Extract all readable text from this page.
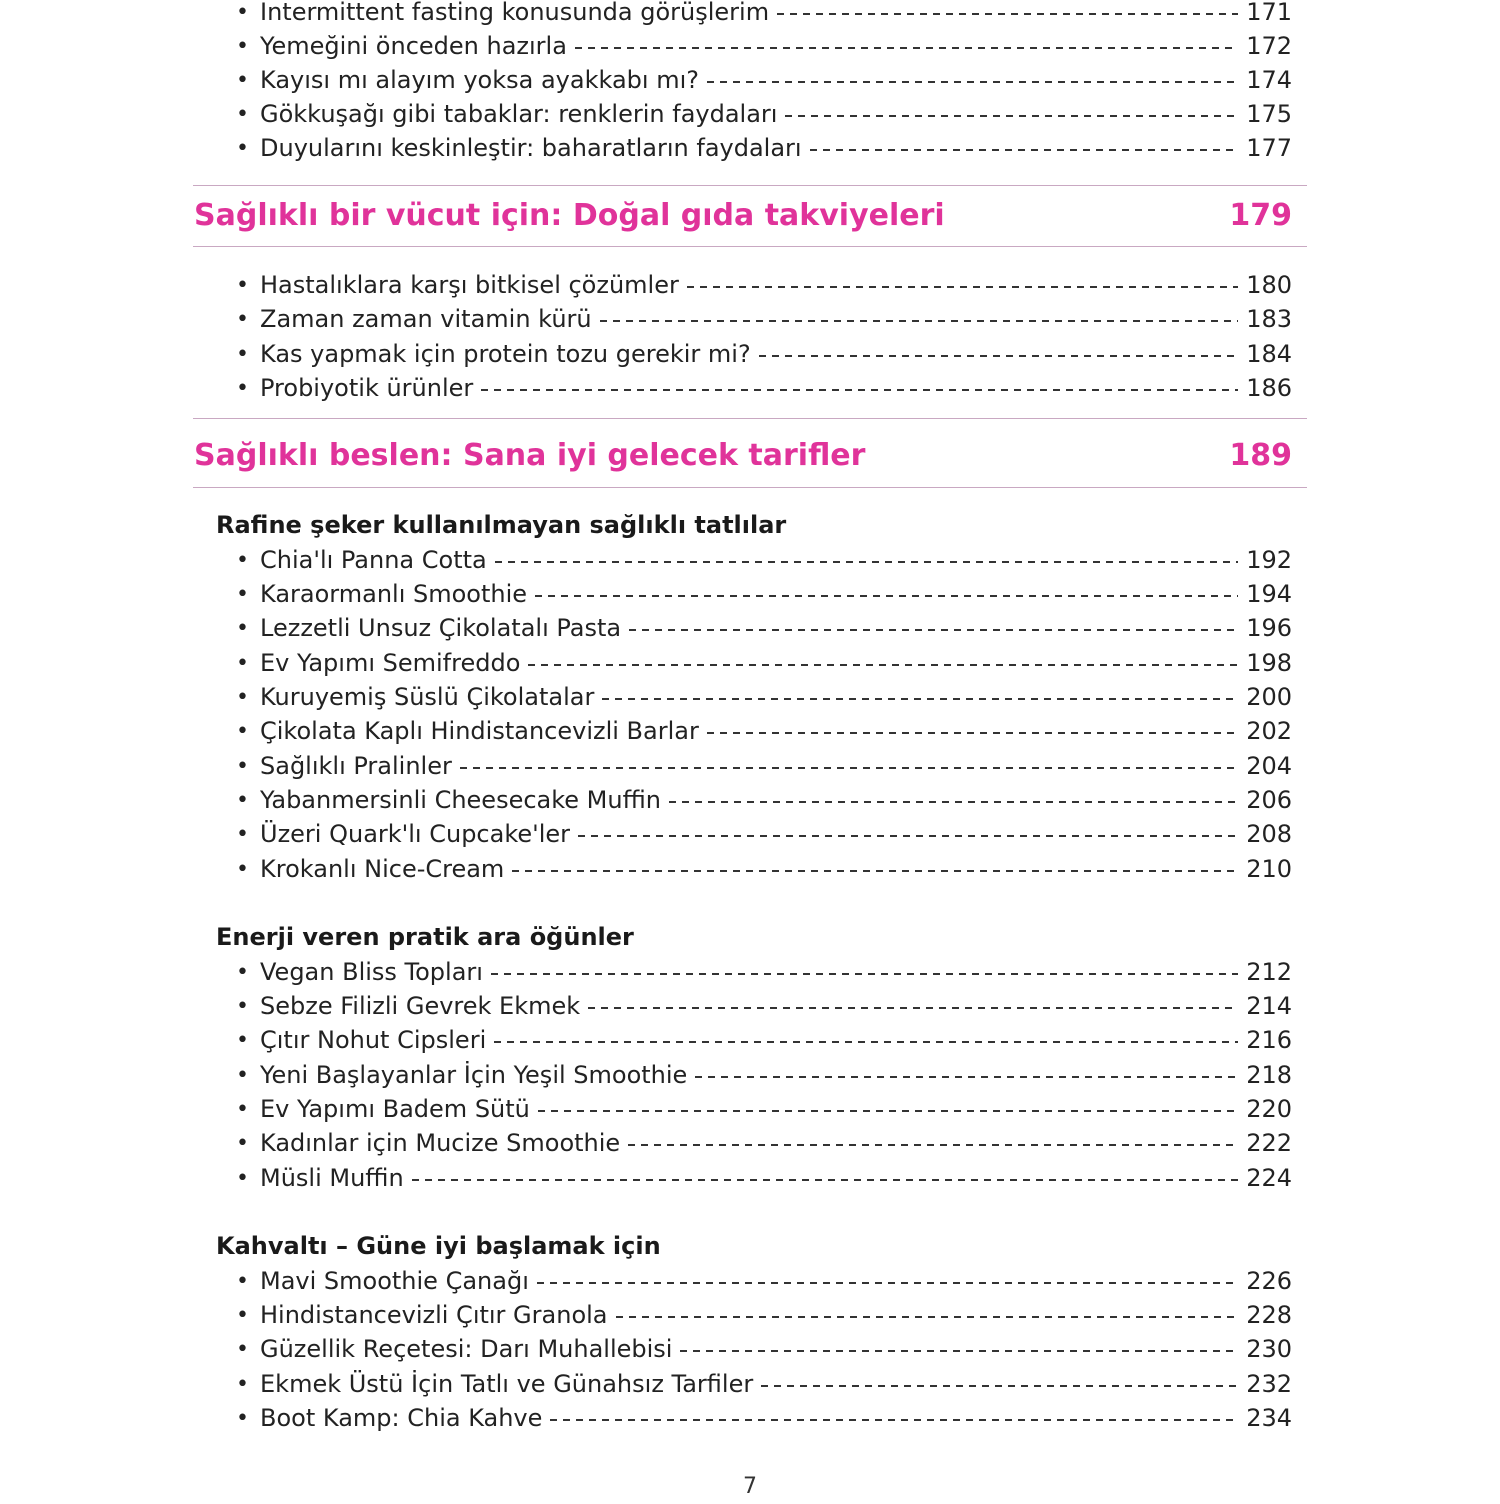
• Intermittent fasting konusunda görüşlerim	171
• Yemeğini önceden hazırla	172
• Kayısı mı alayım yoksa ayakkabı mı?	174
• Gökkuşağı gibi tabaklar: renklerin faydaları	175
• Duyularını keskinleştir: baharatların faydaları	177
Sağlıklı bir vücut için: Doğal gıda takviyeleri	179
• Hastalıklara karşı bitkisel çözümler	180
• Zaman zaman vitamin kürü	183
• Kas yapmak için protein tozu gerekir mi?	184
• Probiyotik ürünler	186
Sağlıklı beslen: Sana iyi gelecek tarifler	189
Rafine şeker kullanılmayan sağlıklı tatlılar
• Chia'lı Panna Cotta	192
• Karaormanlı Smoothie	194
• Lezzetli Unsuz Çikolatalı Pasta	196
• Ev Yapımı Semifreddo	198
• Kuruyemiş Süslü Çikolatalar	200
• Çikolata Kaplı Hindistancevizli Barlar	202
• Sağlıklı Pralinler	204
• Yabanmersinli Cheesecake Muffin	206
• Üzeri Quark'lı Cupcake'ler	208
• Krokanlı Nice-Cream	210
Enerji veren pratik ara öğünler
• Vegan Bliss Topları	212
• Sebze Filizli Gevrek Ekmek	214
• Çıtır Nohut Cipsleri	216
• Yeni Başlayanlar İçin Yeşil Smoothie	218
• Ev Yapımı Badem Sütü	220
• Kadınlar için Mucize Smoothie	222
• Müsli Muffin	224
Kahvaltı – Güne iyi başlamak için
• Mavi Smoothie Çanağı	226
• Hindistancevizli Çıtır Granola	228
• Güzellik Reçetesi: Darı Muhallebisi	230
• Ekmek Üstü İçin Tatlı ve Günahsız Tarfiler	232
• Boot Kamp: Chia Kahve	234
7
